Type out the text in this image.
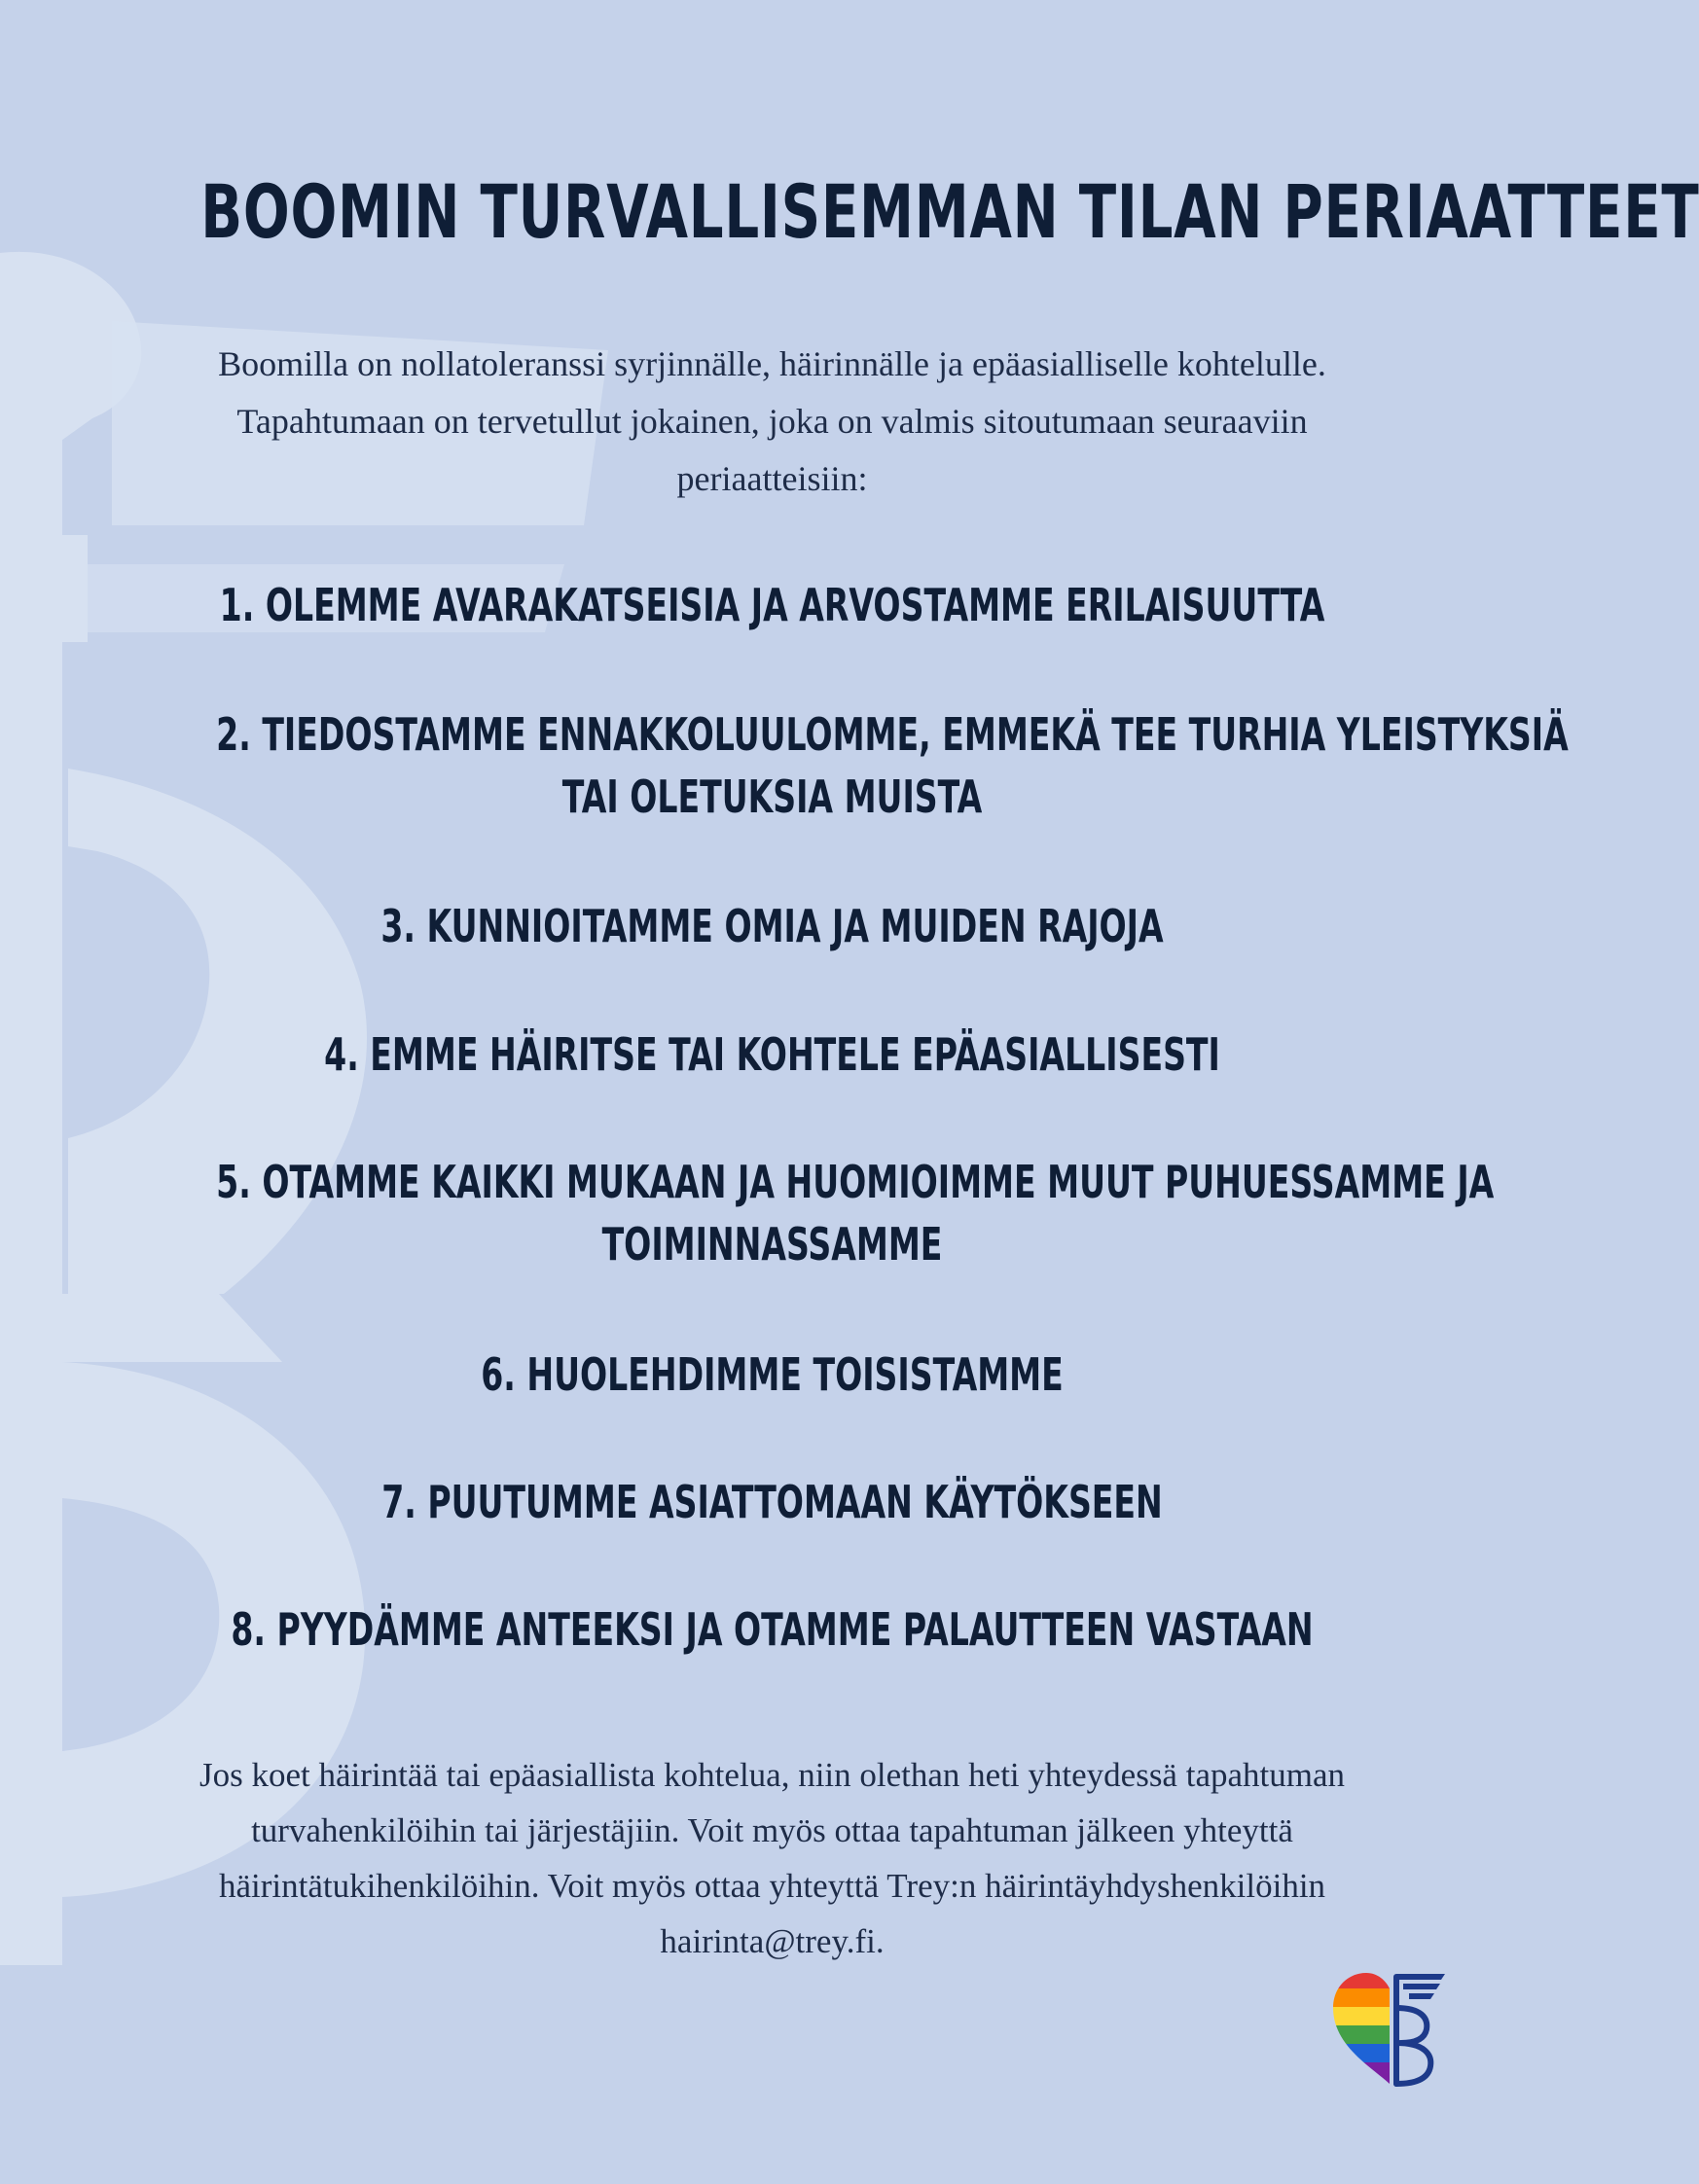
BOOMIN TURVALLISEMMAN TILAN PERIAATTEET
Boomilla on nollatoleranssi syrjinnälle, häirinnälle ja epäasialliselle kohtelulle. Tapahtumaan on tervetullut jokainen, joka on valmis sitoutumaan seuraaviin periaatteisiin:
1. OLEMME AVARAKATSEISIA JA ARVOSTAMME ERILAISUUTTA
2. TIEDOSTAMME ENNAKKOLUULOMME, EMMEKÄ TEE TURHIA YLEISTYKSIÄ
TAI OLETUKSIA MUISTA
3. KUNNIOITAMME OMIA JA MUIDEN RAJOJA
4. EMME HÄIRITSE TAI KOHTELE EPÄASIALLISESTI
5. OTAMME KAIKKI MUKAAN JA HUOMIOIMME MUUT PUHUESSAMME JA
TOIMINNASSAMME
6. HUOLEHDIMME TOISISTAMME
7. PUUTUMME ASIATTOMAAN KÄYTÖKSEEN
8. PYYDÄMME ANTEEKSI JA OTAMME PALAUTTEEN VASTAAN
Jos koet häirintää tai epäasiallista kohtelua, niin olethan heti yhteydessä tapahtuman turvahenkilöihin tai järjestäjiin. Voit myös ottaa tapahtuman jälkeen yhteyttä häirintätukihenkilöihin. Voit myös ottaa yhteyttä Trey:n häirintäyhdyshenkilöihin hairinta@trey.fi.
